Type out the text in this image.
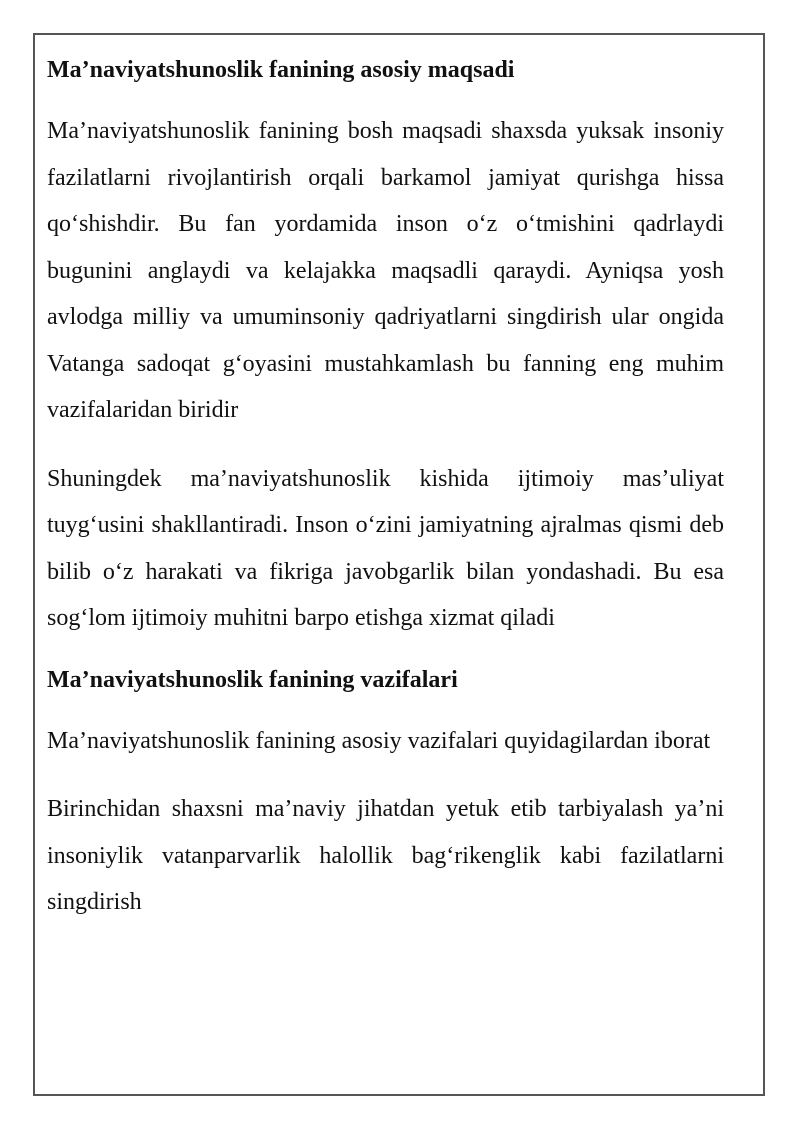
Ma’naviyatshunoslik fanining asosiy maqsadi

Ma’naviyatshunoslik fanining bosh maqsadi shaxsda yuksak insoniy fazilatlarni rivojlantirish orqali barkamol jamiyat qurishga hissa qo‘shishdir. Bu fan yordamida inson o‘z o‘tmishini qadrlaydi bugunini anglaydi va kelajakka maqsadli qaraydi. Ayniqsa yosh avlodga milliy va umuminsoniy qadriyatlarni singdirish ular ongida Vatanga sadoqat g‘oyasini mustahkamlash bu fanning eng muhim vazifalaridan biridir

Shuningdek ma’naviyatshunoslik kishida ijtimoiy mas’uliyat tuyg‘usini shakllantiradi. Inson o‘zini jamiyatning ajralmas qismi deb bilib o‘z harakati va fikriga javobgarlik bilan yondashadi. Bu esa sog‘lom ijtimoiy muhitni barpo etishga xizmat qiladi

Ma’naviyatshunoslik fanining vazifalari

Ma’naviyatshunoslik fanining asosiy vazifalari quyidagilardan iborat

Birinchidan shaxsni ma’naviy jihatdan yetuk etib tarbiyalash ya’ni insoniylik vatanparvarlik halollik bag‘rikenglik kabi fazilatlarni singdirish
